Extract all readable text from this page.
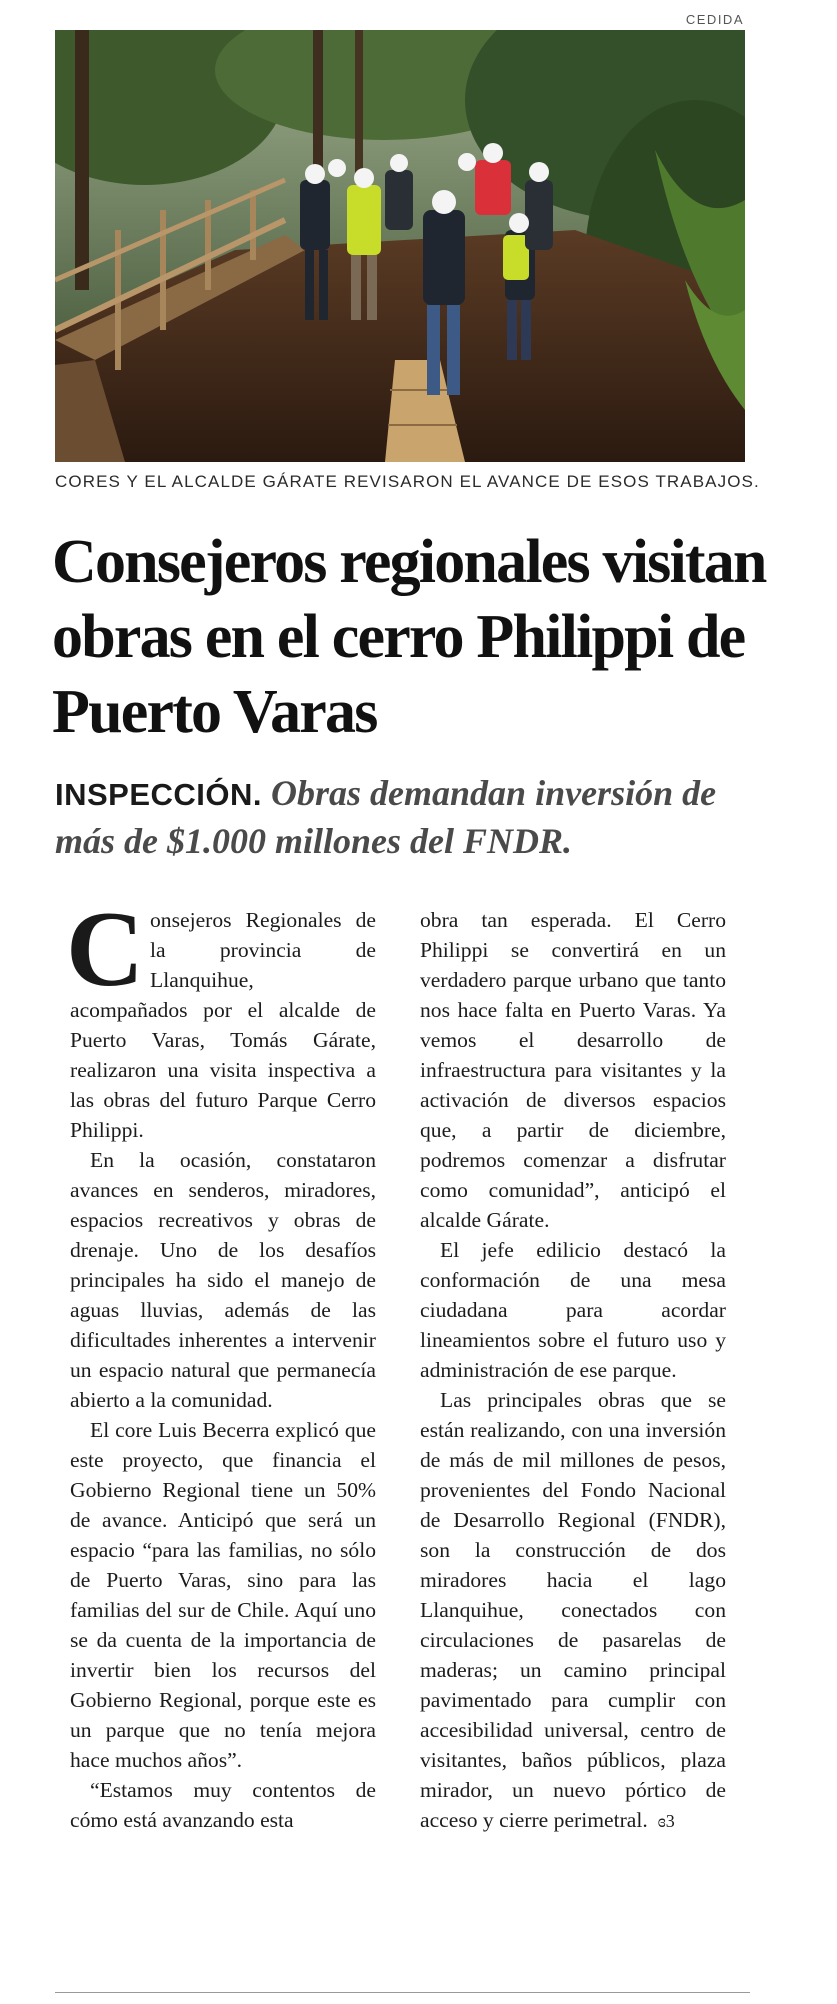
CEDIDA
CORES Y EL ALCALDE GÁRATE REVISARON EL AVANCE DE ESOS TRABAJOS.
Consejeros regionales visitan obras en el cerro Philippi de Puerto Varas
INSPECCIÓN. Obras demandan inversión de más de $1.000 millones del FNDR.

Consejeros Regionales de la provincia de Llanquihue, acompañados por el alcalde de Puerto Varas, Tomás Gárate, realizaron una visita inspectiva a las obras del futuro Parque Cerro Philippi.

En la ocasión, constataron avances en senderos, miradores, espacios recreativos y obras de drenaje. Uno de los desafíos principales ha sido el manejo de aguas lluvias, además de las dificultades inherentes a intervenir un espacio natural que permanecía abierto a la comunidad.

El core Luis Becerra explicó que este proyecto, que financia el Gobierno Regional tiene un 50% de avance. Anticipó que será un espacio “para las familias, no sólo de Puerto Varas, sino para las familias del sur de Chile. Aquí uno se da cuenta de la importancia de invertir bien los recursos del Gobierno Regional, porque este es un parque que no tenía mejora hace muchos años”.

“Estamos muy contentos de cómo está avanzando esta

obra tan esperada. El Cerro Philippi se convertirá en un verdadero parque urbano que tanto nos hace falta en Puerto Varas. Ya vemos el desarrollo de infraestructura para visitantes y la activación de diversos espacios que, a partir de diciembre, podremos comenzar a disfrutar como comunidad”, anticipó el alcalde Gárate.

El jefe edilicio destacó la conformación de una mesa ciudadana para acordar lineamientos sobre el futuro uso y administración de ese parque.

Las principales obras que se están realizando, con una inversión de más de mil millones de pesos, provenientes del Fondo Nacional de Desarrollo Regional (FNDR), son la construcción de dos miradores hacia el lago Llanquihue, conectados con circulaciones de pasarelas de maderas; un camino principal pavimentado para cumplir con accesibilidad universal, centro de visitantes, baños públicos, plaza mirador, un nuevo pórtico de acceso y cierre perimetral. ɞ3
